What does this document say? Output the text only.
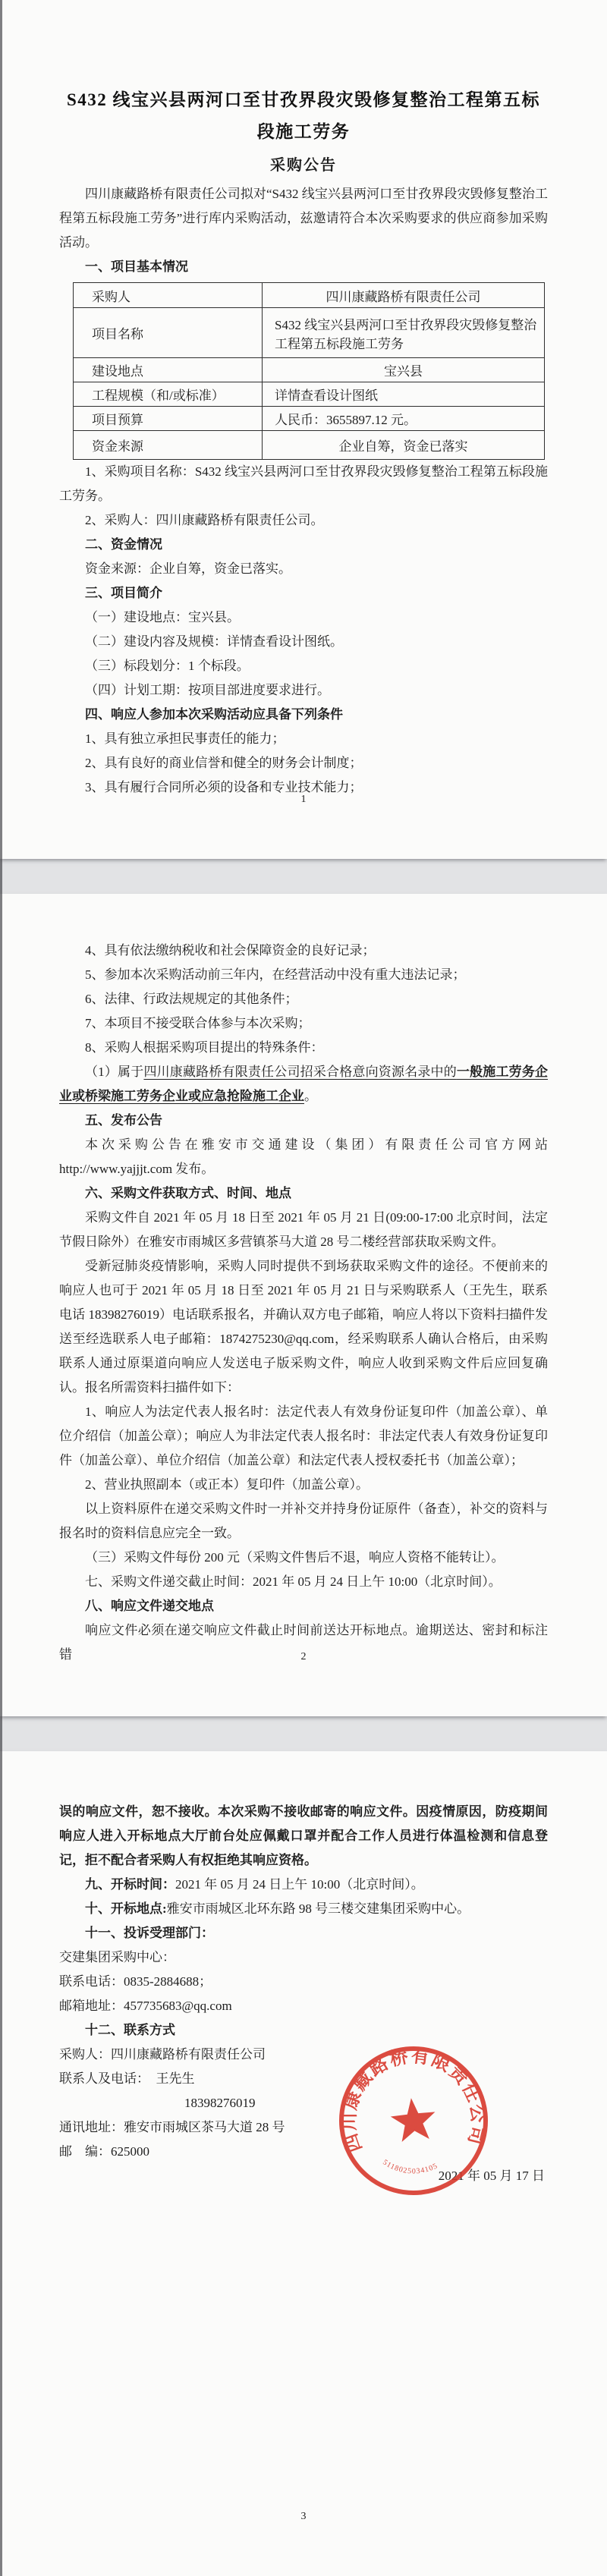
S432 线宝兴县两河口至甘孜界段灾毁修复整治工程第五标

段施工劳务

采购公告

四川康藏路桥有限责任公司拟对“S432 线宝兴县两河口至甘孜界段灾毁修复整治工程第五标段施工劳务”进行库内采购活动，兹邀请符合本次采购要求的供应商参加采购活动。

一、项目基本情况

采购人	四川康藏路桥有限责任公司
项目名称	S432 线宝兴县两河口至甘孜界段灾毁修复整治工程第五标段施工劳务
建设地点	宝兴县
工程规模（和/或标准）	详情查看设计图纸
项目预算	人民币：3655897.12 元。
资金来源	企业自筹，资金已落实

1、采购项目名称：S432 线宝兴县两河口至甘孜界段灾毁修复整治工程第五标段施工劳务。

2、采购人：四川康藏路桥有限责任公司。

二、资金情况

资金来源：企业自筹，资金已落实。

三、项目简介

（一）建设地点：宝兴县。

（二）建设内容及规模：详情查看设计图纸。

（三）标段划分：1 个标段。

（四）计划工期：按项目部进度要求进行。

四、响应人参加本次采购活动应具备下列条件

1、具有独立承担民事责任的能力；

2、具有良好的商业信誉和健全的财务会计制度；

3、具有履行合同所必须的设备和专业技术能力；

1

4、具有依法缴纳税收和社会保障资金的良好记录；

5、参加本次采购活动前三年内，在经营活动中没有重大违法记录；

6、法律、行政法规规定的其他条件；

7、本项目不接受联合体参与本次采购；

8、采购人根据采购项目提出的特殊条件：

（1）属于四川康藏路桥有限责任公司招采合格意向资源名录中的一般施工劳务企业或桥梁施工劳务企业或应急抢险施工企业。

五、发布公告

本次采购公告在雅安市交通建设（集团）有限责任公司官方网站 http://www.yajjjt.com 发布。

六、采购文件获取方式、时间、地点

采购文件自 2021 年 05 月 18 日至 2021 年 05 月 21 日(09:00-17:00 北京时间，法定节假日除外）在雅安市雨城区多营镇茶马大道 28 号二楼经营部获取采购文件。

受新冠肺炎疫情影响，采购人同时提供不到场获取采购文件的途径。不便前来的响应人也可于 2021 年 05 月 18 日至 2021 年 05 月 21 日与采购联系人（王先生，联系电话 18398276019）电话联系报名，并确认双方电子邮箱，响应人将以下资料扫描件发送至经选联系人电子邮箱：1874275230@qq.com，经采购联系人确认合格后，由采购联系人通过原渠道向响应人发送电子版采购文件，响应人收到采购文件后应回复确认。报名所需资料扫描件如下：

1、响应人为法定代表人报名时：法定代表人有效身份证复印件（加盖公章）、单位介绍信（加盖公章）；响应人为非法定代表人报名时：非法定代表人有效身份证复印件（加盖公章）、单位介绍信（加盖公章）和法定代表人授权委托书（加盖公章）；

2、营业执照副本（或正本）复印件（加盖公章）。

以上资料原件在递交采购文件时一并补交并持身份证原件（备查），补交的资料与报名时的资料信息应完全一致。

（三）采购文件每份 200 元（采购文件售后不退，响应人资格不能转让）。

七、采购文件递交截止时间：2021 年 05 月 24 日上午 10:00（北京时间）。

八、响应文件递交地点

响应文件必须在递交响应文件截止时间前送达开标地点。逾期送达、密封和标注错	2

误的响应文件，恕不接收。本次采购不接收邮寄的响应文件。因疫情原因，防疫期间响应人进入开标地点大厅前台处应佩戴口罩并配合工作人员进行体温检测和信息登记，拒不配合者采购人有权拒绝其响应资格。

九、开标时间：2021 年 05 月 24 日上午 10:00（北京时间）。

十、开标地点:雅安市雨城区北环东路 98 号三楼交建集团采购中心。

十一、投诉受理部门：

交建集团采购中心：

联系电话：0835-2884688；

邮箱地址：457735683@qq.com

十二、联系方式

采购人：四川康藏路桥有限责任公司

联系人及电话：　王先生

18398276019

通讯地址：雅安市雨城区茶马大道 28 号

邮　编：625000

2021 年 05 月 17 日

四川康藏路桥有限责任公司
5118025034105
3
